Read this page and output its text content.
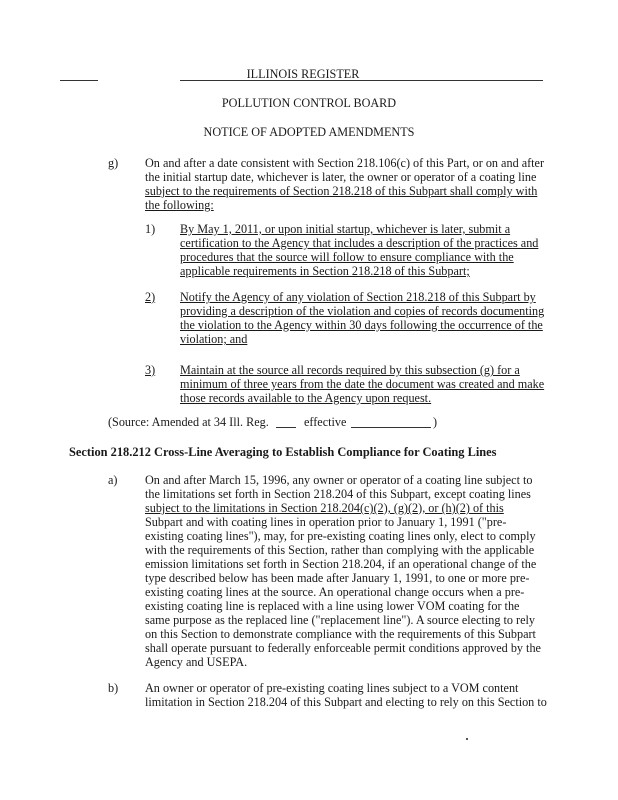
ILLINOIS REGISTER
POLLUTION CONTROL BOARD
NOTICE OF ADOPTED AMENDMENTS
g) On and after a date consistent with Section 218.106(c) of this Part, or on and after
the initial startup date, whichever is later, the owner or operator of a coating line
subject to the requirements of Section 218.218 of this Subpart shall comply with
the following:
1) By May 1, 2011, or upon initial startup, whichever is later, submit a
certification to the Agency that includes a description of the practices and
procedures that the source will follow to ensure compliance with the
applicable requirements in Section 218.218 of this Subpart;
2) Notify the Agency of any violation of Section 218.218 of this Subpart by
providing a description of the violation and copies of records documenting
the violation to the Agency within 30 days following the occurrence of the
violation; and
3) Maintain at the source all records required by this subsection (g) for a
minimum of three years from the date the document was created and make
those records available to the Agency upon request.
(Source: Amended at 34 Ill. Reg.	effective	)
Section 218.212 Cross-Line Averaging to Establish Compliance for Coating Lines
a) On and after March 15, 1996, any owner or operator of a coating line subject to
the limitations set forth in Section 218.204 of this Subpart, except coating lines
subject to the limitations in Section 218.204(c)(2), (g)(2), or (h)(2) of this
Subpart and with coating lines in operation prior to January 1, 1991 ("pre-
existing coating lines"), may, for pre-existing coating lines only, elect to comply
with the requirements of this Section, rather than complying with the applicable
emission limitations set forth in Section 218.204, if an operational change of the
type described below has been made after January 1, 1991, to one or more pre-
existing coating lines at the source. An operational change occurs when a pre-
existing coating line is replaced with a line using lower VOM coating for the
same purpose as the replaced line ("replacement line"). A source electing to rely
on this Section to demonstrate compliance with the requirements of this Subpart
shall operate pursuant to federally enforceable permit conditions approved by the
Agency and USEPA.
b) An owner or operator of pre-existing coating lines subject to a VOM content
limitation in Section 218.204 of this Subpart and electing to rely on this Section to
